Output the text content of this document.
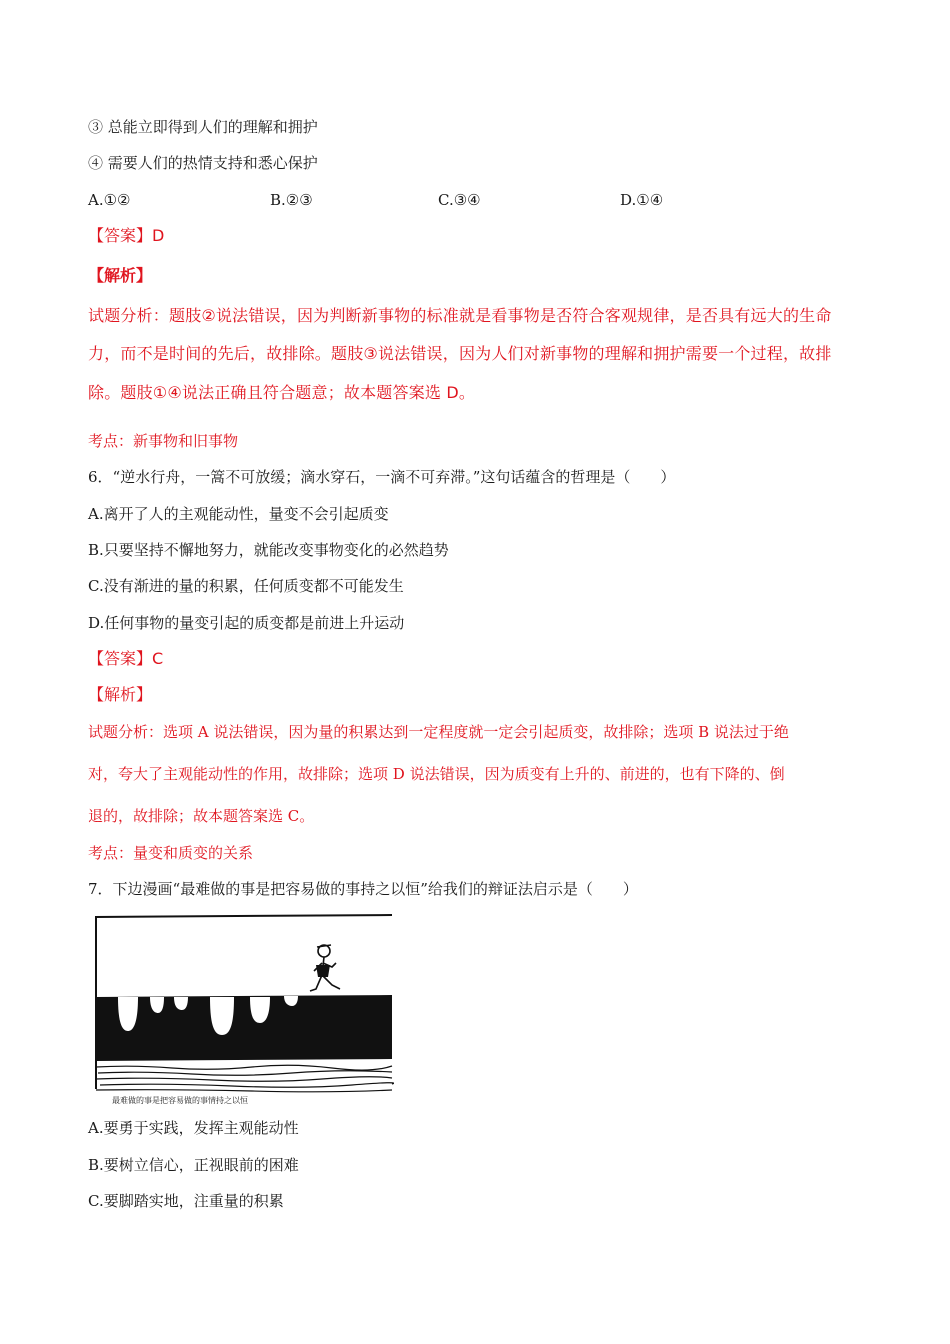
③ 总能立即得到人们的理解和拥护
④ 需要人们的热情支持和悉心保护
A.①②	B.②③	C.③④	D.①④
【答案】D
【解析】
试题分析：题肢②说法错误，因为判断新事物的标准就是看事物是否符合客观规律，是否具有远大的生命
力，而不是时间的先后，故排除。题肢③说法错误，因为人们对新事物的理解和拥护需要一个过程，故排
除。题肢①④说法正确且符合题意；故本题答案选 D。
考点：新事物和旧事物
6．“逆水行舟，一篙不可放缓；滴水穿石，一滴不可弃滞。”这句话蕴含的哲理是（　　）
A.离开了人的主观能动性，量变不会引起质变
B.只要坚持不懈地努力，就能改变事物变化的必然趋势
C.没有渐进的量的积累，任何质变都不可能发生
D.任何事物的量变引起的质变都是前进上升运动
【答案】C
【解析】
试题分析：选项 A 说法错误，因为量的积累达到一定程度就一定会引起质变，故排除；选项 B 说法过于绝
对，夸大了主观能动性的作用，故排除；选项 D 说法错误，因为质变有上升的、前进的，也有下降的、倒
退的，故排除；故本题答案选 C。
考点：量变和质变的关系
7．下边漫画“最难做的事是把容易做的事持之以恒”给我们的辩证法启示是（　　）
最难做的事是把容易做的事情持之以恒
A.要勇于实践，发挥主观能动性
B.要树立信心，正视眼前的困难
C.要脚踏实地，注重量的积累
